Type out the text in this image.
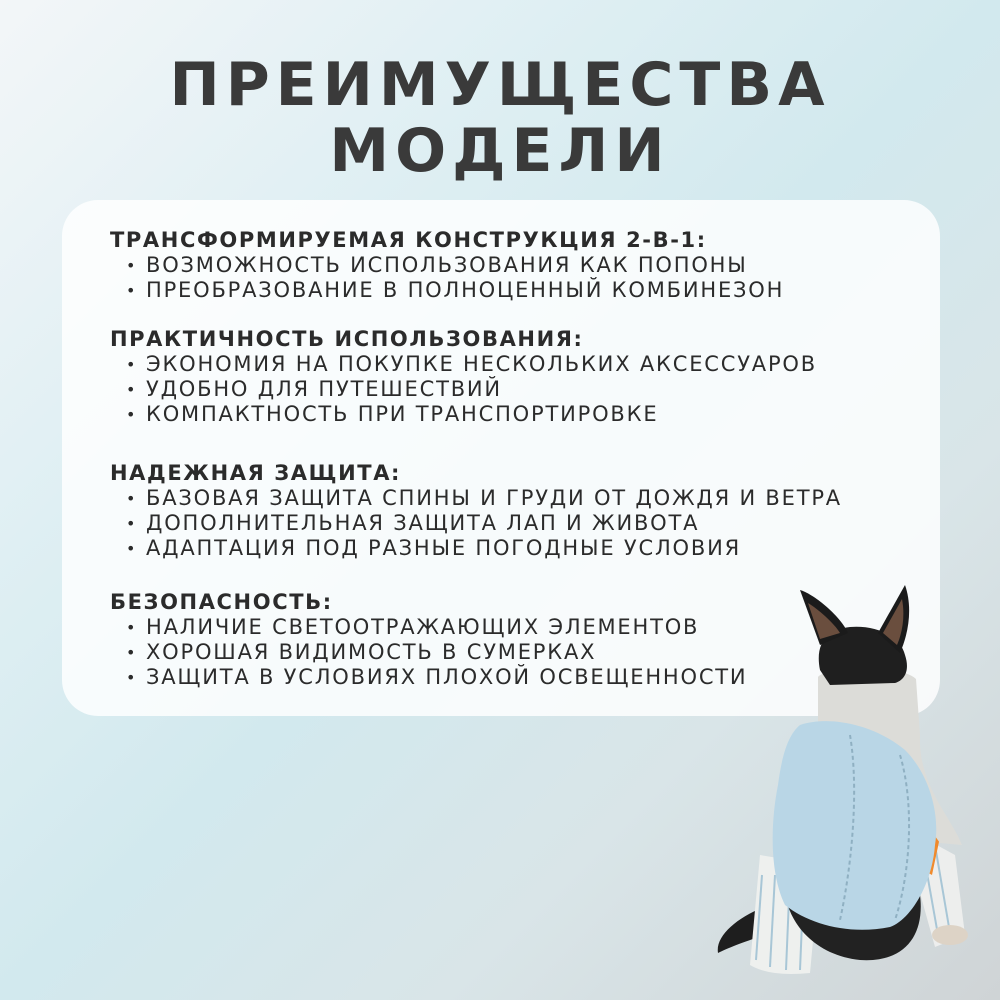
ПРЕИМУЩЕСТВА
МОДЕЛИ
ТРАНСФОРМИРУЕМАЯ КОНСТРУКЦИЯ 2-В-1:
• ВОЗМОЖНОСТЬ ИСПОЛЬЗОВАНИЯ КАК ПОПОНЫ
• ПРЕОБРАЗОВАНИЕ В ПОЛНОЦЕННЫЙ КОМБИНЕЗОН
ПРАКТИЧНОСТЬ ИСПОЛЬЗОВАНИЯ:
• ЭКОНОМИЯ НА ПОКУПКЕ НЕСКОЛЬКИХ АКСЕССУАРОВ
• УДОБНО ДЛЯ ПУТЕШЕСТВИЙ
• КОМПАКТНОСТЬ ПРИ ТРАНСПОРТИРОВКЕ
НАДЕЖНАЯ ЗАЩИТА:
• БАЗОВАЯ ЗАЩИТА СПИНЫ И ГРУДИ ОТ ДОЖДЯ И ВЕТРА
• ДОПОЛНИТЕЛЬНАЯ ЗАЩИТА ЛАП И ЖИВОТА
• АДАПТАЦИЯ ПОД РАЗНЫЕ ПОГОДНЫЕ УСЛОВИЯ
БЕЗОПАСНОСТЬ:
• НАЛИЧИЕ СВЕТООТРАЖАЮЩИХ ЭЛЕМЕНТОВ
• ХОРОШАЯ ВИДИМОСТЬ В СУМЕРКАХ
• ЗАЩИТА В УСЛОВИЯХ ПЛОХОЙ ОСВЕЩЕННОСТИ
